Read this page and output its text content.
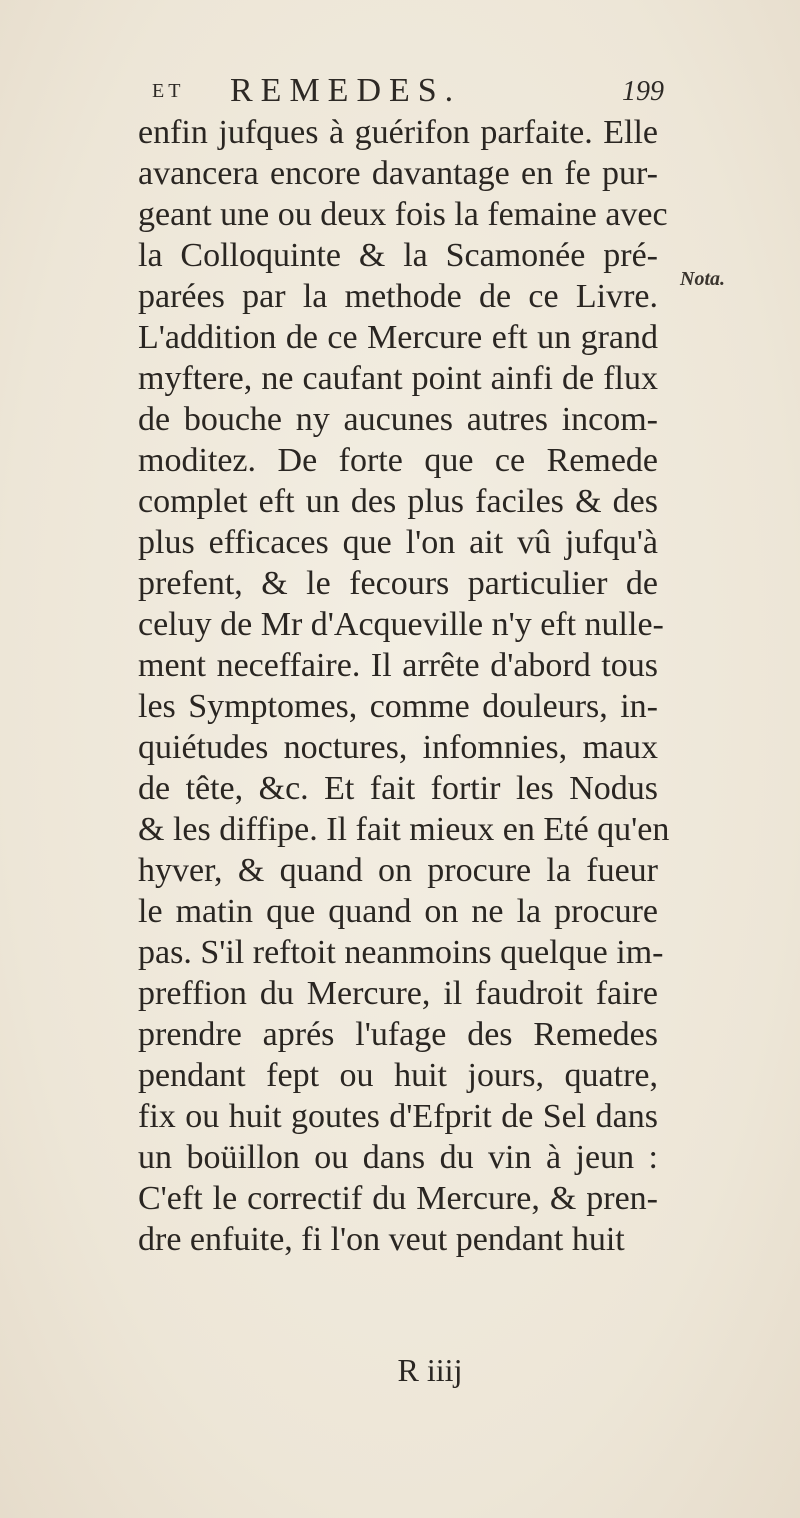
ET REMEDES.	199
Nota.
enfin jufques à guérifon parfaite. Elle
avancera encore davantage en fe pur-
geant une ou deux fois la femaine avec
la Colloquinte & la Scamonée pré-
parées par la methode de ce Livre.
L'addition de ce Mercure eft un grand
myftere, ne caufant point ainfi de flux
de bouche ny aucunes autres incom-
moditez. De forte que ce Remede
complet eft un des plus faciles & des
plus efficaces que l'on ait vû jufqu'à
prefent, & le fecours particulier de
celuy de Mr d'Acqueville n'y eft nulle-
ment neceffaire. Il arrête d'abord tous
les Symptomes, comme douleurs, in-
quiétudes noctures, infomnies, maux
de tête, &c. Et fait fortir les Nodus
& les diffipe. Il fait mieux en Eté qu'en
hyver, & quand on procure la fueur
le matin que quand on ne la procure
pas. S'il reftoit neanmoins quelque im-
preffion du Mercure, il faudroit faire
prendre aprés l'ufage des Remedes
pendant fept ou huit jours, quatre,
fix ou huit goutes d'Efprit de Sel dans
un boüillon ou dans du vin à jeun :
C'eft le correctif du Mercure, & pren-
dre enfuite, fi l'on veut pendant huit
R iiij
